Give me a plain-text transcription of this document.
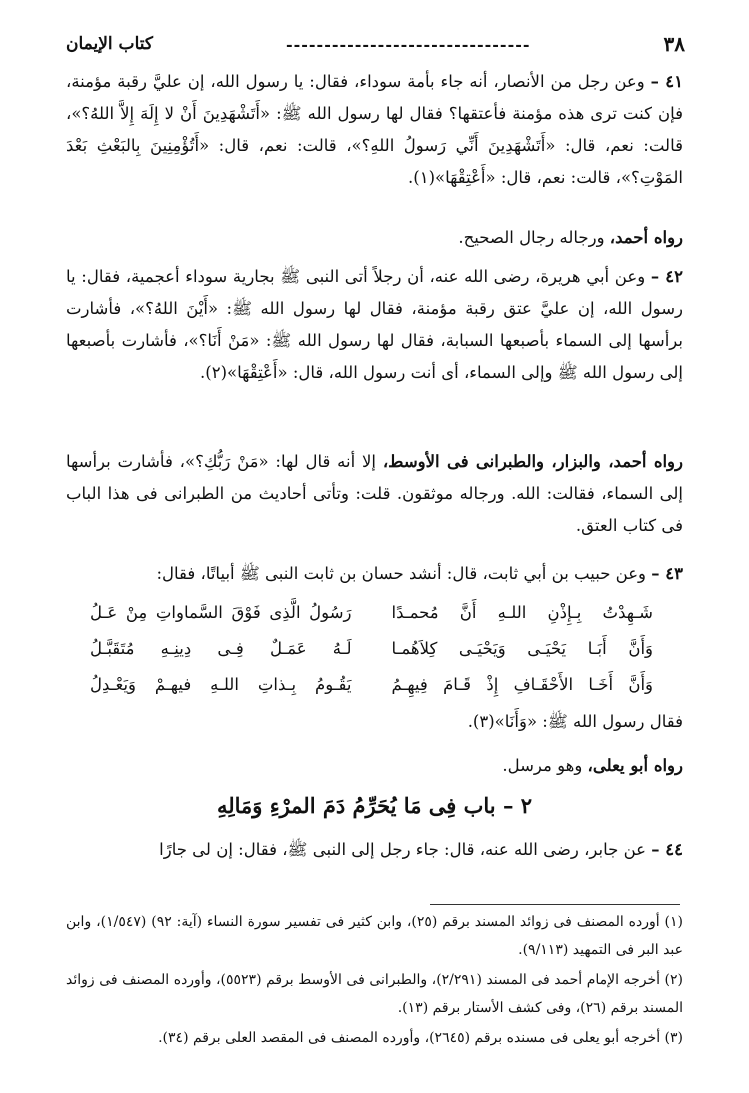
٣٨
--------------------------------
كتاب الإيمان

٤١ – وعن رجل من الأنصار، أنه جاء بأمة سوداء، فقال: يا رسول الله، إن عليَّ رقبة مؤمنة، فإن كنت ترى هذه مؤمنة فأعتقها؟ فقال لها رسول الله ﷺ: «أَتَشْهَدِينَ أَنْ لا إِلَهَ إِلاَّ اللهُ؟»، قالت: نعم، قال: «أَتَشْهَدِينَ أَنِّي رَسولُ اللهِ؟»، قالت: نعم، قال: «أَتُؤْمِنِينَ بِالبَعْثِ بَعْدَ المَوْتِ؟»، قالت: نعم، قال: «أَعْتِقْهَا»(١).

رواه أحمد، ورجاله رجال الصحيح.

٤٢ – وعن أبي هريرة، رضى الله عنه، أن رجلاً أتى النبى ﷺ بجارية سوداء أعجمية، فقال: يا رسول الله، إن عليَّ عتق رقبة مؤمنة، فقال لها رسول الله ﷺ: «أَيْنَ اللهُ؟»، فأشارت برأسها إلى السماء بأصبعها السبابة، فقال لها رسول الله ﷺ: «مَنْ أَنَا؟»، فأشارت بأصبعها إلى رسول الله ﷺ وإلى السماء، أى أنت رسول الله، قال: «أَعْتِقْهَا»(٢).

رواه أحمد، والبزار، والطبرانى فى الأوسط، إلا أنه قال لها: «مَنْ رَبُّكِ؟»، فأشارت برأسها إلى السماء، فقالت: الله. ورجاله موثقون. قلت: وتأتى أحاديث من الطبرانى فى هذا الباب فى كتاب العتق.

٤٣ – وعن حبيب بن أبي ثابت، قال: أنشد حسان بن ثابت النبى ﷺ أبياتًا، فقال:

شَـهِدْتُ بِـإِذْنِ اللـهِ أَنَّ مُحمـدًا
رَسُولُ الَّذِى فَوْقَ السَّماواتِ مِنْ عَـلُ
وَأَنَّ أَبَـا يَحْيَـى وَيَحْيَـى كِلاَهُمـا
لَـهُ عَمَـلٌ فِـى دِينِـهِ مُتَقَبَّـلُ
وَأَنَّ أَخَـا الأَحْقَـافِ إِذْ قَـامَ فِيهِـمُ
يَقُـومُ بِـذاتِ اللـهِ فيهـمْ وَيَعْـدِلُ

فقال رسول الله ﷺ: «وَأَنَا»(٣).

رواه أبو يعلى، وهو مرسل.

٢ – باب فِى مَا يُحَرِّمُ دَمَ المرْءِ وَمَالِهِ

٤٤ – عن جابر، رضى الله عنه، قال: جاء رجل إلى النبى ﷺ، فقال: إن لى جارًا

(١) أورده المصنف فى زوائد المسند برقم (٢٥)، وابن كثير فى تفسير سورة النساء (آية: ٩٢) (١/٥٤٧)، وابن عبد البر فى التمهيد (٩/١١٣).

(٢) أخرجه الإمام أحمد فى المسند (٢/٢٩١)، والطبرانى فى الأوسط برقم (٥٥٢٣)، وأورده المصنف فى زوائد المسند برقم (٢٦)، وفى كشف الأستار برقم (١٣).

(٣) أخرجه أبو يعلى فى مسنده برقم (٢٦٤٥)، وأورده المصنف فى المقصد العلى برقم (٣٤).
